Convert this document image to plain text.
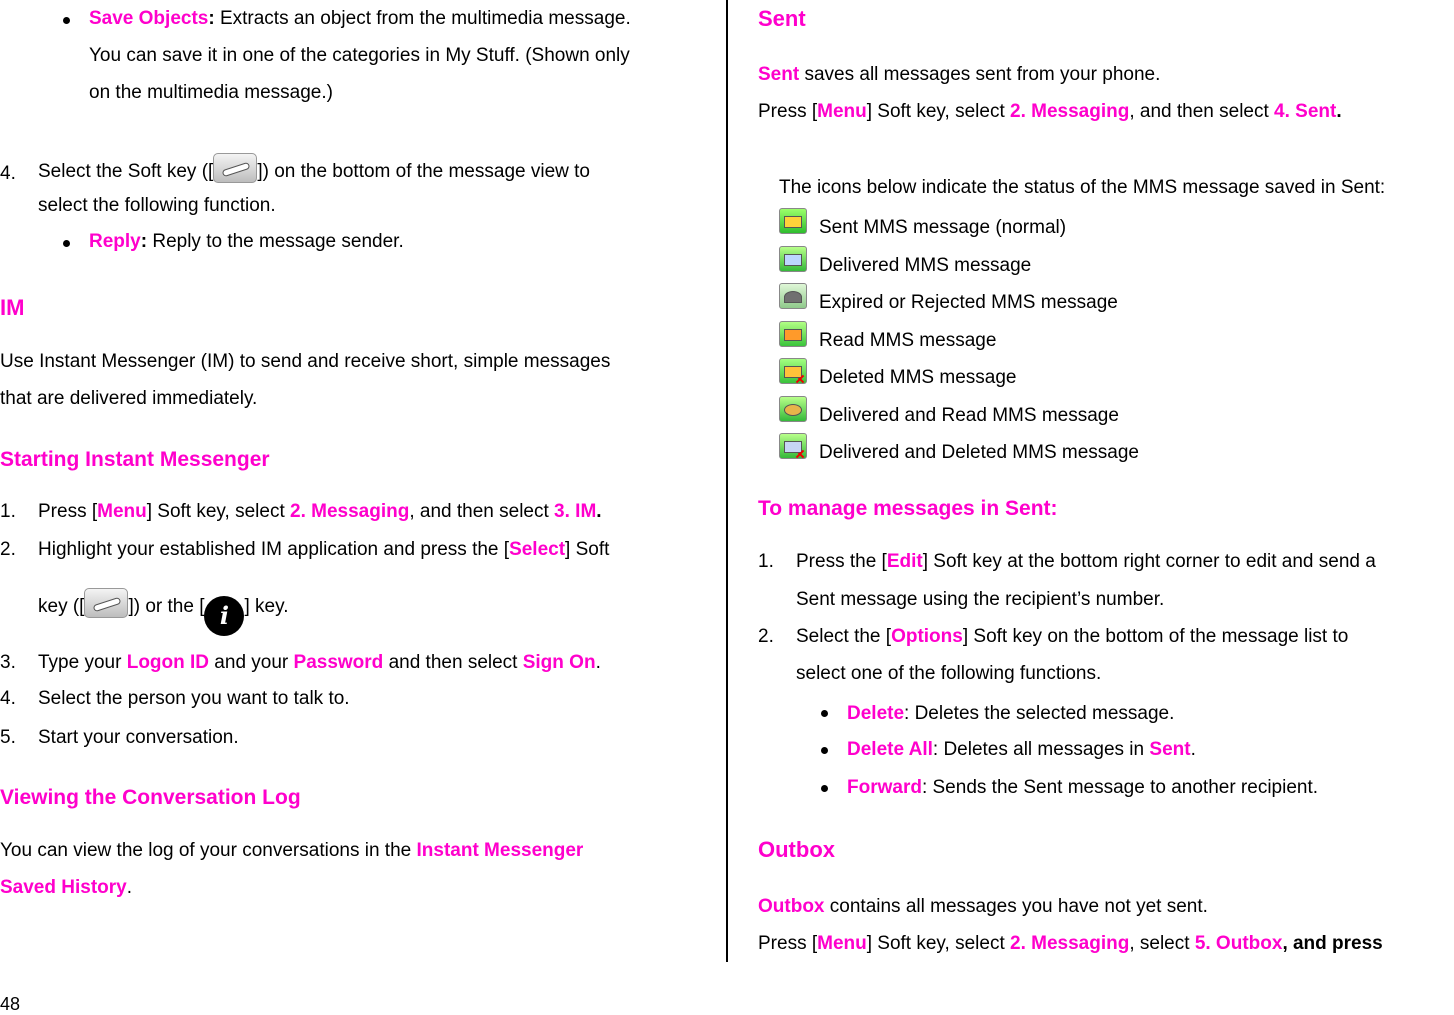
Save Objects: Extracts an object from the multimedia message.
You can save it in one of the categories in My Stuff. (Shown only
on the multimedia message.)
4. Select the Soft key ([ ]) on the bottom of the message view to
select the following function.
Reply: Reply to the message sender.
IM
Use Instant Messenger (IM) to send and receive short, simple messages
that are delivered immediately.
Starting Instant Messenger
1. Press [Menu] Soft key, select 2. Messaging, and then select 3. IM.
2. Highlight your established IM application and press the [Select] Soft
key ([ ]) or the [ i ] key.
3. Type your Logon ID and your Password and then select Sign On.
4. Select the person you want to talk to.
5. Start your conversation.
Viewing the Conversation Log
You can view the log of your conversations in the Instant Messenger
Saved History.
48
Sent
Sent saves all messages sent from your phone.
Press [Menu] Soft key, select 2. Messaging, and then select 4. Sent.
The icons below indicate the status of the MMS message saved in Sent:
Sent MMS message (normal)
Delivered MMS message
Expired or Rejected MMS message
Read MMS message
Deleted MMS message
Delivered and Read MMS message
Delivered and Deleted MMS message
To manage messages in Sent:
1. Press the [Edit] Soft key at the bottom right corner to edit and send a
Sent message using the recipient’s number.
2. Select the [Options] Soft key on the bottom of the message list to
select one of the following functions.
Delete: Deletes the selected message.
Delete All: Deletes all messages in Sent.
Forward: Sends the Sent message to another recipient.
Outbox
Outbox contains all messages you have not yet sent.
Press [Menu] Soft key, select 2. Messaging, select 5. Outbox, and press
